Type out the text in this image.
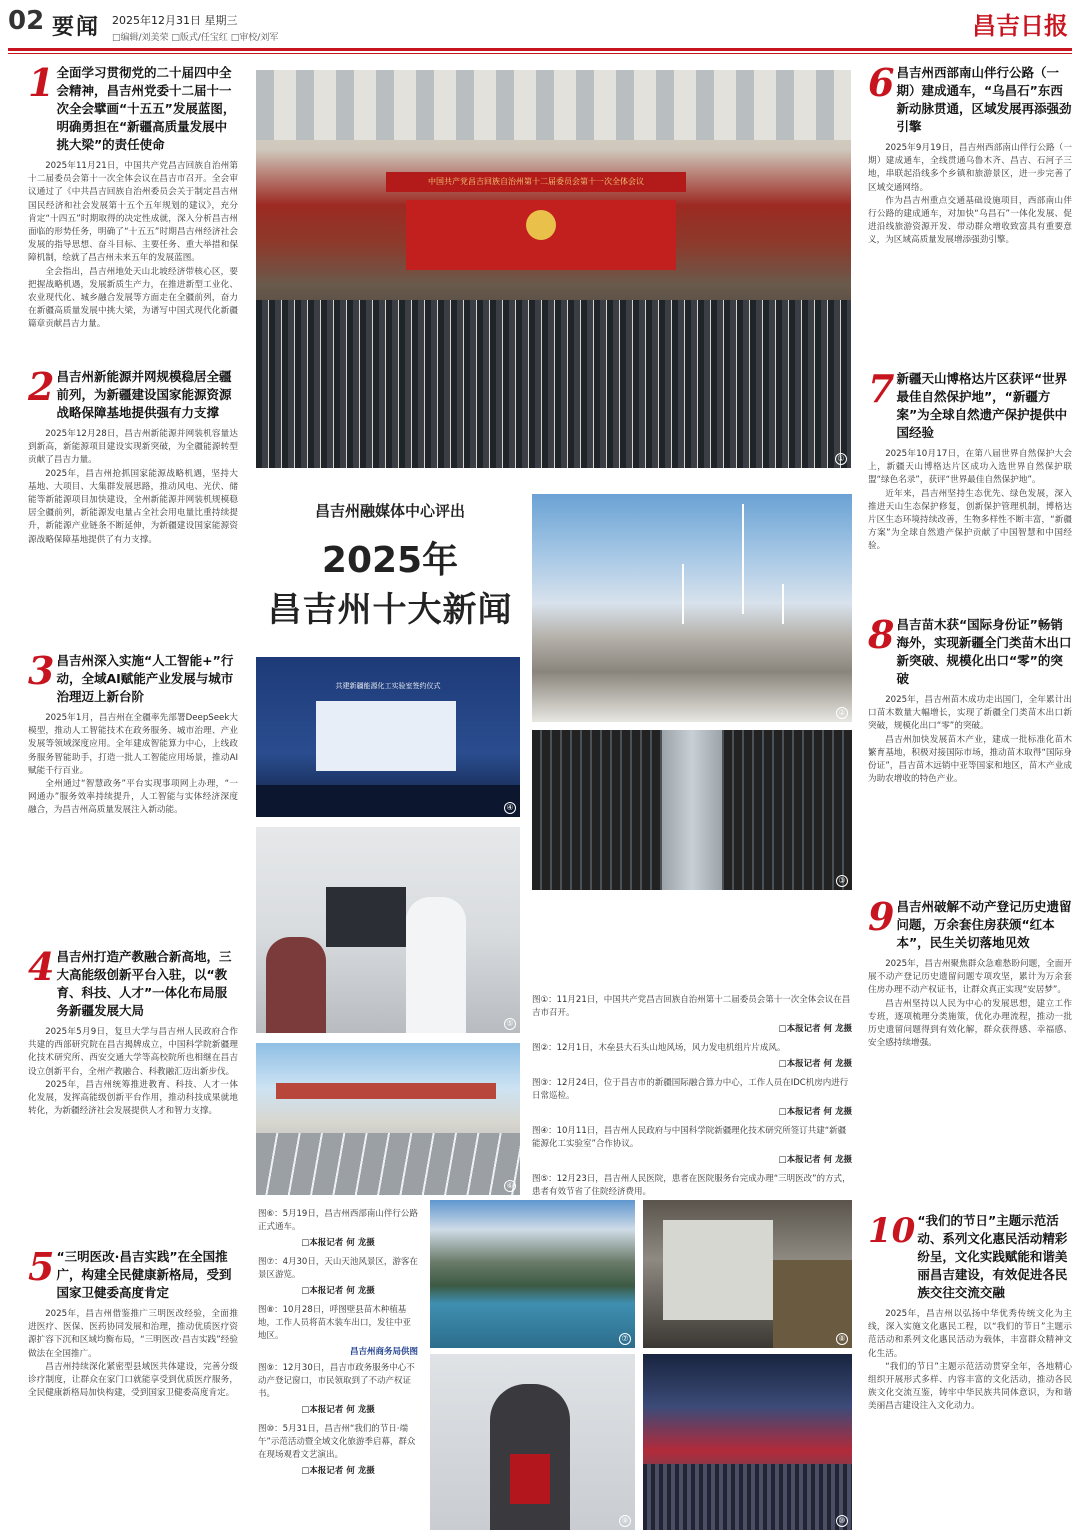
02 要闻 2025年12月31日 星期三
□编辑/刘美荣 □版式/任宝红 □审校/刘军	昌吉日报
1 全面学习贯彻党的二十届四中全会精神，昌吉州党委十二届十一次全会擘画“十五五”发展蓝图，明确勇担在“新疆高质量发展中挑大梁”的责任使命

2025年11月21日，中国共产党昌吉回族自治州第十二届委员会第十一次全体会议在昌吉市召开。全会审议通过了《中共昌吉回族自治州委员会关于制定昌吉州国民经济和社会发展第十五个五年规划的建议》，充分肯定“十四五”时期取得的决定性成就，深入分析昌吉州面临的形势任务，明确了“十五五”时期昌吉州经济社会发展的指导思想、奋斗目标、主要任务、重大举措和保障机制，绘就了昌吉州未来五年的发展蓝图。

全会指出，昌吉州地处天山北坡经济带核心区，要把握战略机遇，发展新质生产力，在推进新型工业化、农业现代化、城乡融合发展等方面走在全疆前列，奋力在新疆高质量发展中挑大梁，为谱写中国式现代化新疆篇章贡献昌吉力量。

2 昌吉州新能源并网规模稳居全疆前列，为新疆建设国家能源资源战略保障基地提供强有力支撑

2025年12月28日，昌吉州新能源并网装机容量达到新高，新能源项目建设实现新突破，为全疆能源转型贡献了昌吉力量。

2025年，昌吉州抢抓国家能源战略机遇，坚持大基地、大项目、大集群发展思路，推动风电、光伏、储能等新能源项目加快建设，全州新能源并网装机规模稳居全疆前列，新能源发电量占全社会用电量比重持续提升，新能源产业链条不断延伸，为新疆建设国家能源资源战略保障基地提供了有力支撑。

3 昌吉州深入实施“人工智能+”行动，全域AI赋能产业发展与城市治理迈上新台阶

2025年1月，昌吉州在全疆率先部署DeepSeek大模型，推动人工智能技术在政务服务、城市治理、产业发展等领域深度应用。全年建成智能算力中心，上线政务服务智能助手，打造一批人工智能应用场景，推动AI赋能千行百业。

全州通过“智慧政务”平台实现事项网上办理，“一网通办”服务效率持续提升，人工智能与实体经济深度融合，为昌吉州高质量发展注入新动能。

4 昌吉州打造产教融合新高地，三大高能级创新平台入驻，以“教育、科技、人才”一体化布局服务新疆发展大局

2025年5月9日，复旦大学与昌吉州人民政府合作共建的西部研究院在昌吉揭牌成立，中国科学院新疆理化技术研究所、西安交通大学等高校院所也相继在昌吉设立创新平台，全州产教融合、科教融汇迈出新步伐。

2025年，昌吉州统筹推进教育、科技、人才一体化发展，发挥高能级创新平台作用，推动科技成果就地转化，为新疆经济社会发展提供人才和智力支撑。

5 “三明医改·昌吉实践”在全国推广，构建全民健康新格局，受到国家卫健委高度肯定

2025年，昌吉州借鉴推广三明医改经验，全面推进医疗、医保、医药协同发展和治理，推动优质医疗资源扩容下沉和区域均衡布局，“三明医改·昌吉实践”经验做法在全国推广。

昌吉州持续深化紧密型县域医共体建设，完善分级诊疗制度，让群众在家门口就能享受到优质医疗服务，全民健康新格局加快构建，受到国家卫健委高度肯定。

6 昌吉州西部南山伴行公路（一期）建成通车，“乌昌石”东西新动脉贯通，区域发展再添强劲引擎

2025年9月19日，昌吉州西部南山伴行公路（一期）建成通车，全线贯通乌鲁木齐、昌吉、石河子三地，串联起沿线多个乡镇和旅游景区，进一步完善了区域交通网络。

作为昌吉州重点交通基础设施项目，西部南山伴行公路的建成通车，对加快“乌昌石”一体化发展、促进沿线旅游资源开发、带动群众增收致富具有重要意义，为区域高质量发展增添强劲引擎。

7 新疆天山博格达片区获评“世界最佳自然保护地”，“新疆方案”为全球自然遗产保护提供中国经验

2025年10月17日，在第八届世界自然保护大会上，新疆天山博格达片区成功入选世界自然保护联盟“绿色名录”，获评“世界最佳自然保护地”。

近年来，昌吉州坚持生态优先、绿色发展，深入推进天山生态保护修复，创新保护管理机制，博格达片区生态环境持续改善，生物多样性不断丰富，“新疆方案”为全球自然遗产保护贡献了中国智慧和中国经验。

8 昌吉苗木获“国际身份证”畅销海外，实现新疆全门类苗木出口新突破、规模化出口“零”的突破

2025年，昌吉州苗木成功走出国门，全年累计出口苗木数量大幅增长，实现了新疆全门类苗木出口新突破，规模化出口“零”的突破。

昌吉州加快发展苗木产业，建成一批标准化苗木繁育基地，积极对接国际市场，推动苗木取得“国际身份证”，昌吉苗木远销中亚等国家和地区，苗木产业成为助农增收的特色产业。

9 昌吉州破解不动产登记历史遗留问题，万余套住房获颁“红本本”，民生关切落地见效

2025年，昌吉州聚焦群众急难愁盼问题，全面开展不动产登记历史遗留问题专项攻坚，累计为万余套住房办理不动产权证书，让群众真正实现“安居梦”。

昌吉州坚持以人民为中心的发展思想，建立工作专班，逐项梳理分类施策，优化办理流程，推动一批历史遗留问题得到有效化解，群众获得感、幸福感、安全感持续增强。

10 “我们的节日”主题示范活动、系列文化惠民活动精彩纷呈，文化实践赋能和谐美丽昌吉建设，有效促进各民族交往交流交融

2025年，昌吉州以弘扬中华优秀传统文化为主线，深入实施文化惠民工程，以“我们的节日”主题示范活动和系列文化惠民活动为载体，丰富群众精神文化生活。

“我们的节日”主题示范活动贯穿全年，各地精心组织开展形式多样、内容丰富的文化活动，推动各民族文化交流互鉴，铸牢中华民族共同体意识，为和谐美丽昌吉建设注入文化动力。

中国共产党昌吉回族自治州第十二届委员会第十一次全体会议
①
昌吉州融媒体中心评出
2025年
昌吉州十大新闻
②
共建新疆能源化工实验室签约仪式
④
③
⑤
⑥

图①：11月21日，中国共产党昌吉回族自治州第十二届委员会第十一次全体会议在昌吉市召开。

□本报记者 何 龙摄

图②：12月1日，木垒县大石头山地风场，风力发电机组片片成风。

□本报记者 何 龙摄

图③：12月24日，位于昌吉市的新疆国际融合算力中心，工作人员在IDC机房内进行日常巡检。

□本报记者 何 龙摄

图④：10月11日，昌吉州人民政府与中国科学院新疆理化技术研究所签订共建“新疆能源化工实验室”合作协议。

□本报记者 何 龙摄

图⑤：12月23日，昌吉州人民医院，患者在医院服务台完成办理“三明医改”的方式，患者有效节省了住院经济费用。

图⑥：5月19日，昌吉州西部南山伴行公路正式通车。

□本报记者 何 龙摄

图⑦：4月30日，天山天池风景区，游客在景区游览。

□本报记者 何 龙摄

图⑧：10月28日，呼图壁县苗木种植基地，工作人员将苗木装车出口，发往中亚地区。

昌吉州商务局供图

图⑨：12月30日，昌吉市政务服务中心不动产登记窗口，市民领取到了不动产权证书。

□本报记者 何 龙摄

图⑩：5月31日，昌吉州“我们的节日·端午”示范活动暨全域文化旅游季启幕，群众在现场观看文艺演出。

□本报记者 何 龙摄

⑦	⑧
⑨	⑩
